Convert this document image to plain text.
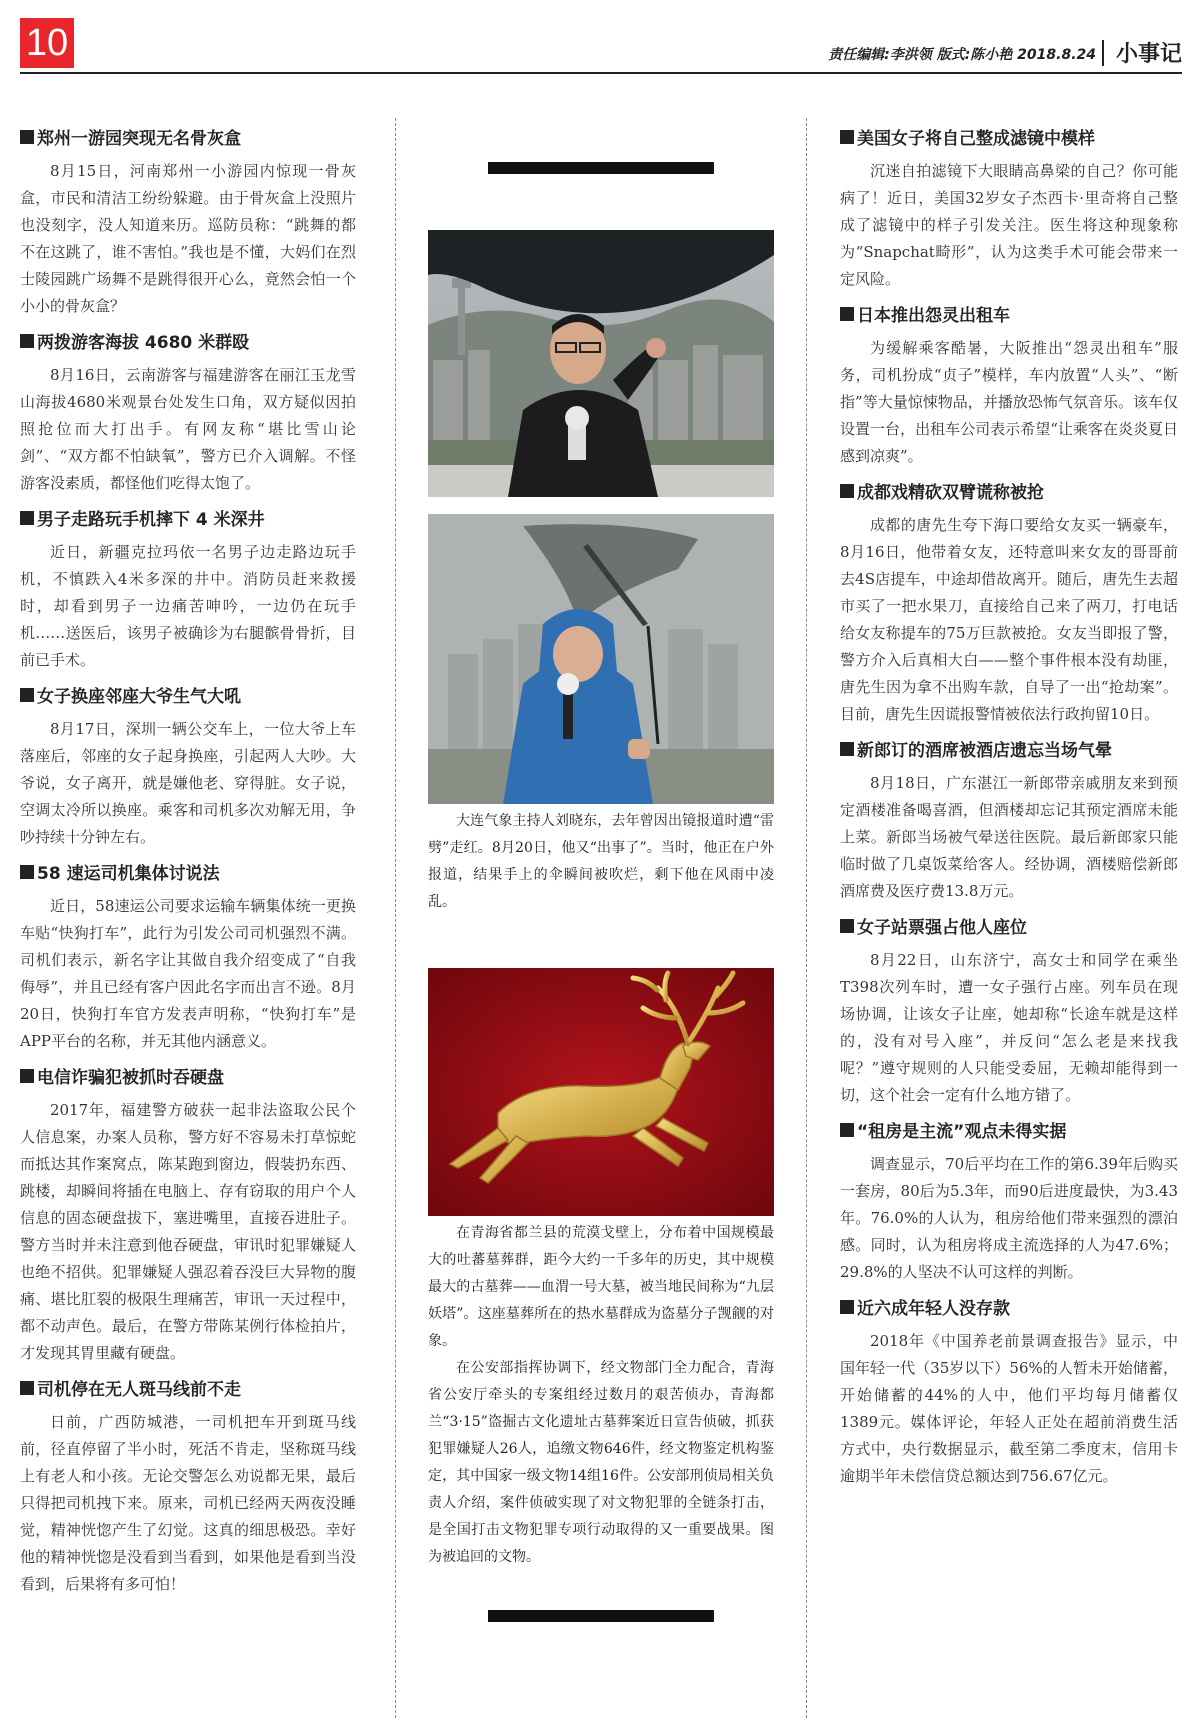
10	责任编辑:李洪领 版式:陈小艳 2018.8.24 小事记
郑州一游园突现无名骨灰盒

8月15日，河南郑州一小游园内惊现一骨灰盒，市民和清洁工纷纷躲避。由于骨灰盒上没照片也没刻字，没人知道来历。巡防员称：“跳舞的都不在这跳了，谁不害怕。”我也是不懂，大妈们在烈士陵园跳广场舞不是跳得很开心么，竟然会怕一个小小的骨灰盒？

两拨游客海拔 4680 米群殴

8月16日，云南游客与福建游客在丽江玉龙雪山海拔4680米观景台处发生口角，双方疑似因拍照抢位而大打出手。有网友称“堪比雪山论剑”、“双方都不怕缺氧”，警方已介入调解。不怪游客没素质，都怪他们吃得太饱了。

男子走路玩手机摔下 4 米深井

近日，新疆克拉玛依一名男子边走路边玩手机，不慎跌入4米多深的井中。消防员赶来救援时，却看到男子一边痛苦呻吟，一边仍在玩手机……送医后，该男子被确诊为右腿髌骨骨折，目前已手术。

女子换座邻座大爷生气大吼

8月17日，深圳一辆公交车上，一位大爷上车落座后，邻座的女子起身换座，引起两人大吵。大爷说，女子离开，就是嫌他老、穿得脏。女子说，空调太冷所以换座。乘客和司机多次劝解无用，争吵持续十分钟左右。

58 速运司机集体讨说法

近日，58速运公司要求运输车辆集体统一更换车贴“快狗打车”，此行为引发公司司机强烈不满。司机们表示，新名字让其做自我介绍变成了“自我侮辱”，并且已经有客户因此名字而出言不逊。8月20日，快狗打车官方发表声明称，“快狗打车”是APP平台的名称，并无其他内涵意义。

电信诈骗犯被抓时吞硬盘

2017年，福建警方破获一起非法盗取公民个人信息案，办案人员称，警方好不容易未打草惊蛇而抵达其作案窝点，陈某跑到窗边，假装扔东西、跳楼，却瞬间将插在电脑上、存有窃取的用户个人信息的固态硬盘拔下，塞进嘴里，直接吞进肚子。警方当时并未注意到他吞硬盘，审讯时犯罪嫌疑人也绝不招供。犯罪嫌疑人强忍着吞没巨大异物的腹痛、堪比肛裂的极限生理痛苦，审讯一天过程中，都不动声色。最后，在警方带陈某例行体检拍片，才发现其胃里藏有硬盘。

司机停在无人斑马线前不走

日前，广西防城港，一司机把车开到斑马线前，径直停留了半小时，死活不肯走，坚称斑马线上有老人和小孩。无论交警怎么劝说都无果，最后只得把司机拽下来。原来，司机已经两天两夜没睡觉，精神恍惚产生了幻觉。这真的细思极恐。幸好他的精神恍惚是没看到当看到，如果他是看到当没看到，后果将有多可怕！

大连气象主持人刘晓东，去年曾因出镜报道时遭“雷劈”走红。8月20日，他又“出事了”。当时，他正在户外报道，结果手上的伞瞬间被吹烂，剩下他在风雨中凌乱。

在青海省都兰县的荒漠戈壁上，分布着中国规模最大的吐蕃墓葬群，距今大约一千多年的历史，其中规模最大的古墓葬——血渭一号大墓，被当地民间称为“九层妖塔”。这座墓葬所在的热水墓群成为盗墓分子觊觎的对象。

在公安部指挥协调下，经文物部门全力配合，青海省公安厅牵头的专案组经过数月的艰苦侦办，青海都兰“3·15”盗掘古文化遗址古墓葬案近日宣告侦破，抓获犯罪嫌疑人26人，追缴文物646件，经文物鉴定机构鉴定，其中国家一级文物14组16件。公安部刑侦局相关负责人介绍，案件侦破实现了对文物犯罪的全链条打击，是全国打击文物犯罪专项行动取得的又一重要战果。图为被追回的文物。

美国女子将自己整成滤镜中模样

沉迷自拍滤镜下大眼睛高鼻梁的自己？你可能病了！近日，美国32岁女子杰西卡·里奇将自己整成了滤镜中的样子引发关注。医生将这种现象称为“Snapchat畸形”，认为这类手术可能会带来一定风险。

日本推出怨灵出租车

为缓解乘客酷暑，大阪推出“怨灵出租车”服务，司机扮成“贞子”模样，车内放置“人头”、“断指”等大量惊悚物品，并播放恐怖气氛音乐。该车仅设置一台，出租车公司表示希望“让乘客在炎炎夏日感到凉爽”。

成都戏精砍双臂谎称被抢

成都的唐先生夸下海口要给女友买一辆豪车，8月16日，他带着女友，还特意叫来女友的哥哥前去4S店提车，中途却借故离开。随后，唐先生去超市买了一把水果刀，直接给自己来了两刀，打电话给女友称提车的75万巨款被抢。女友当即报了警，警方介入后真相大白——整个事件根本没有劫匪，唐先生因为拿不出购车款，自导了一出“抢劫案”。目前，唐先生因谎报警情被依法行政拘留10日。

新郎订的酒席被酒店遗忘当场气晕

8月18日，广东湛江一新郎带亲戚朋友来到预定酒楼准备喝喜酒，但酒楼却忘记其预定酒席未能上菜。新郎当场被气晕送往医院。最后新郎家只能临时做了几桌饭菜给客人。经协调，酒楼赔偿新郎酒席费及医疗费13.8万元。

女子站票强占他人座位

8月22日，山东济宁，高女士和同学在乘坐T398次列车时，遭一女子强行占座。列车员在现场协调，让该女子让座，她却称“长途车就是这样的，没有对号入座”，并反问“怎么老是来找我呢？”遵守规则的人只能受委屈，无赖却能得到一切，这个社会一定有什么地方错了。

“租房是主流”观点未得实据

调查显示，70后平均在工作的第6.39年后购买一套房，80后为5.3年，而90后进度最快，为3.43年。76.0%的人认为，租房给他们带来强烈的漂泊感。同时，认为租房将成主流选择的人为47.6%；29.8%的人坚决不认可这样的判断。

近六成年轻人没存款

2018年《中国养老前景调查报告》显示，中国年轻一代（35岁以下）56%的人暂未开始储蓄，开始储蓄的44%的人中，他们平均每月储蓄仅1389元。媒体评论，年轻人正处在超前消费生活方式中，央行数据显示，截至第二季度末，信用卡逾期半年未偿信贷总额达到756.67亿元。
